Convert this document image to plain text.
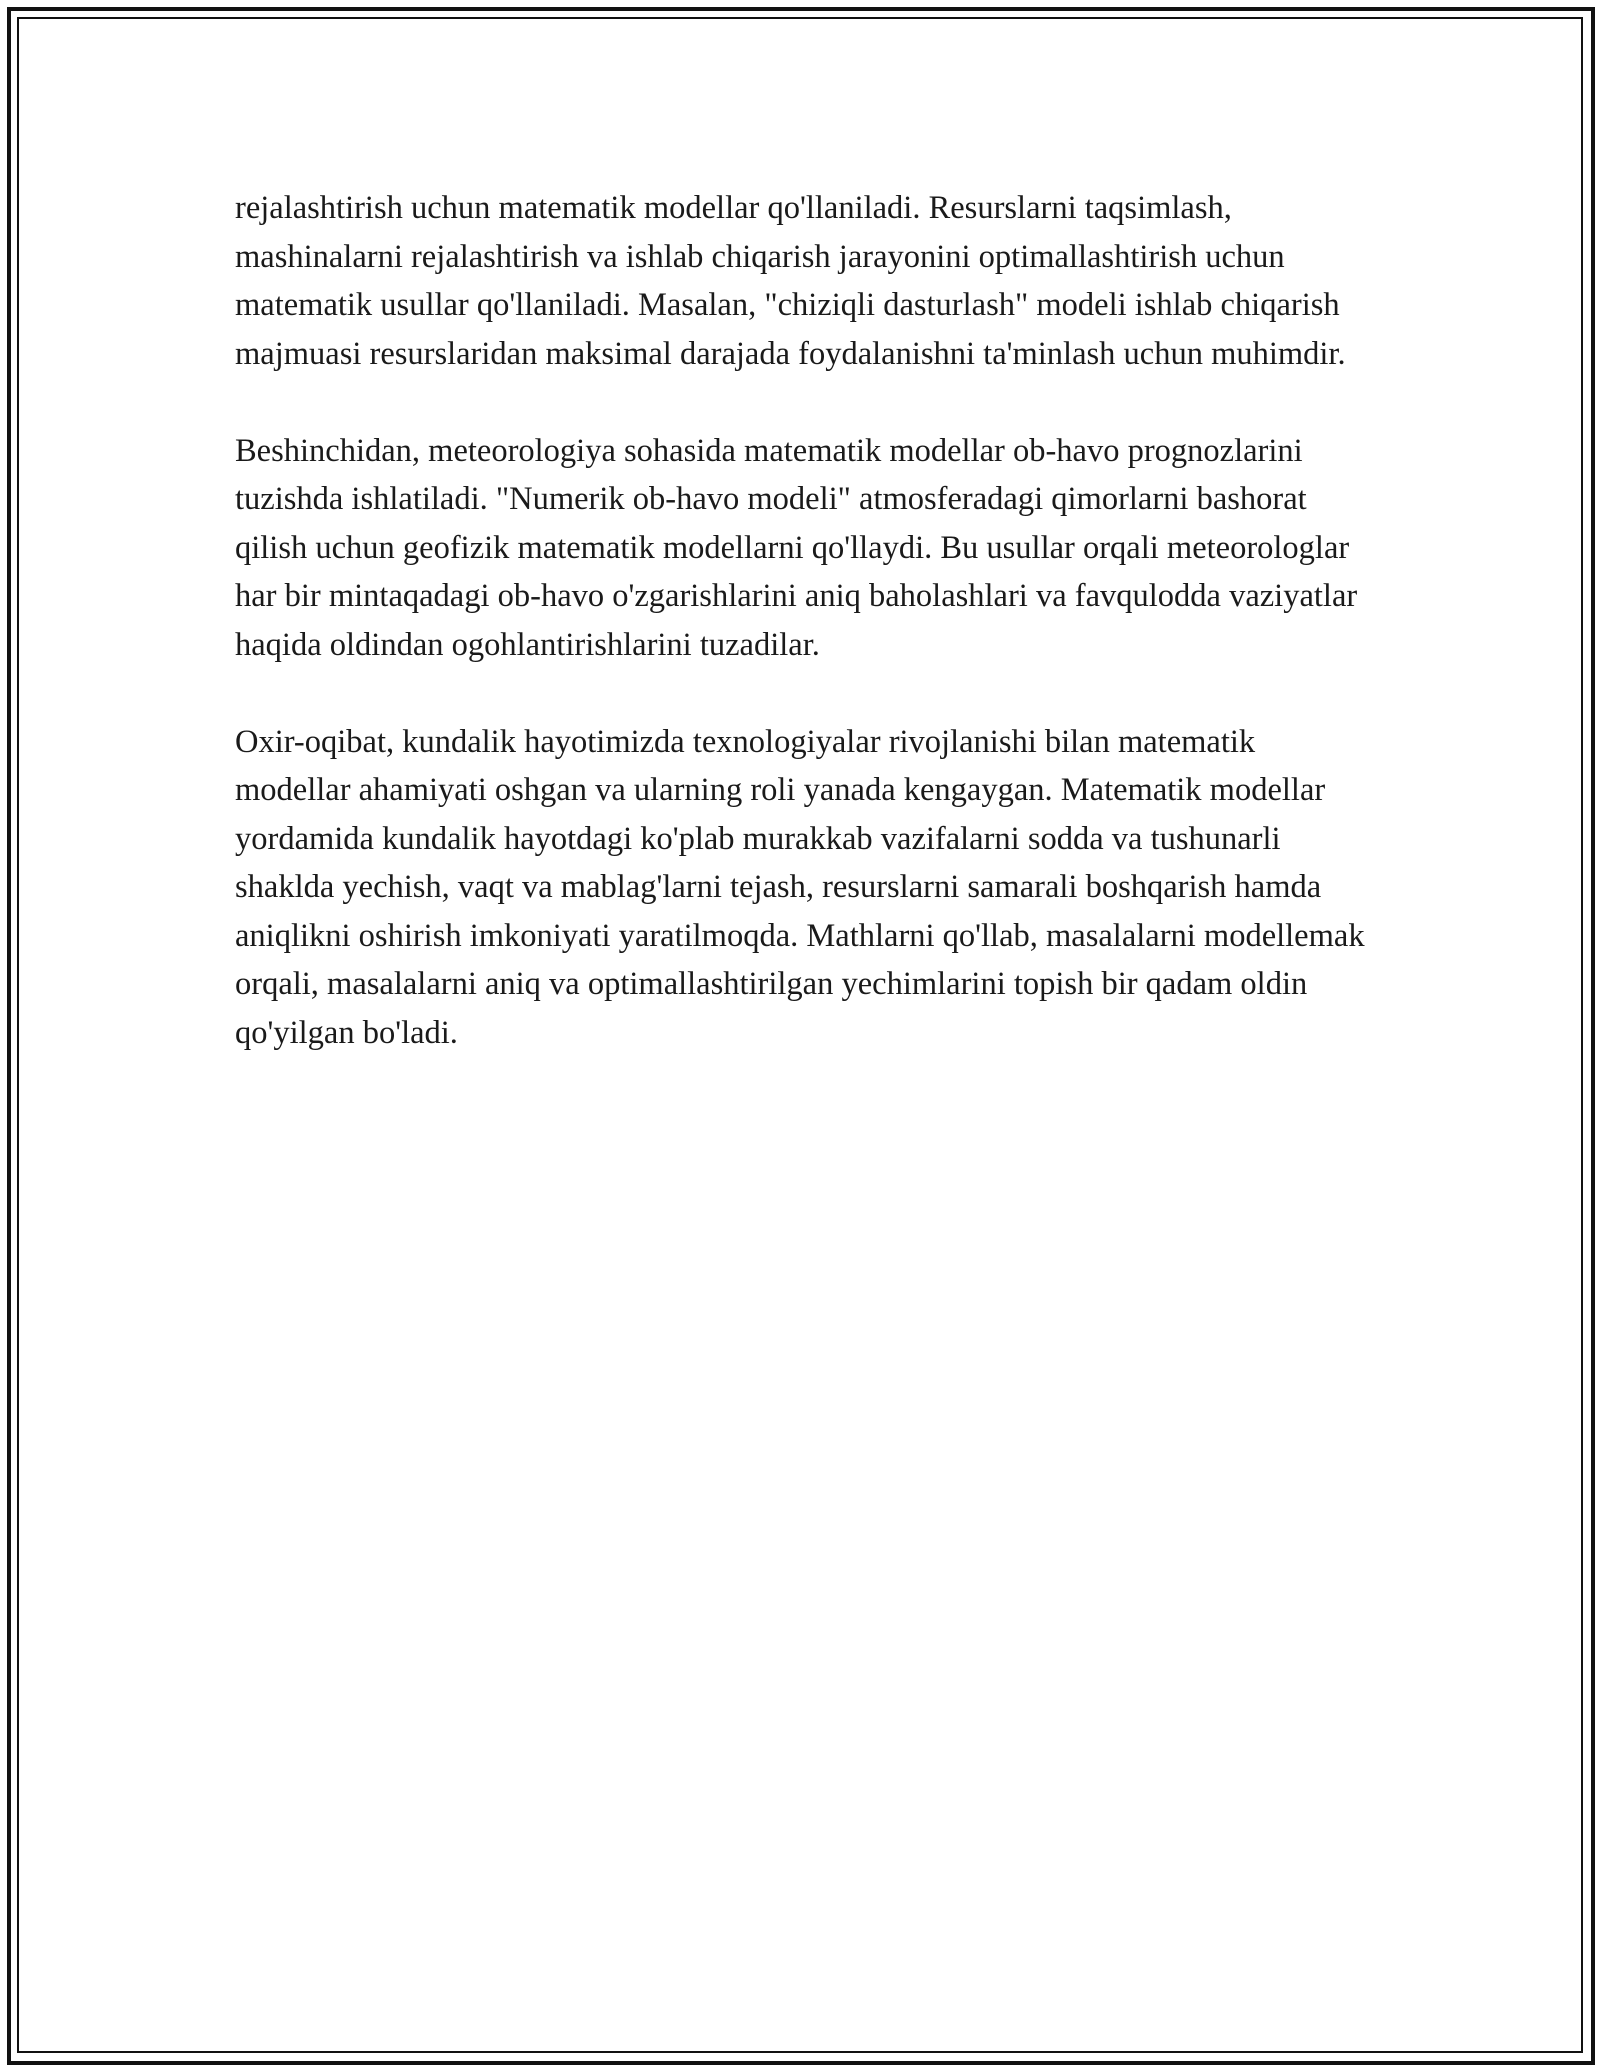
rejalashtirish uchun matematik modellar qo'llaniladi. Resurslarni taqsimlash, mashinalarni rejalashtirish va ishlab chiqarish jarayonini optimallashtirish uchun matematik usullar qo'llaniladi. Masalan, "chiziqli dasturlash" modeli ishlab chiqarish majmuasi resurslaridan maksimal darajada foydalanishni ta'minlash uchun muhimdir.

Beshinchidan, meteorologiya sohasida matematik modellar ob-havo prognozlarini tuzishda ishlatiladi. "Numerik ob-havo modeli" atmosferadagi qimorlarni bashorat qilish uchun geofizik matematik modellarni qo'llaydi. Bu usullar orqali meteorologlar har bir mintaqadagi ob-havo o'zgarishlarini aniq baholashlari va favqulodda vaziyatlar haqida oldindan ogohlantirishlarini tuzadilar.

Oxir-oqibat, kundalik hayotimizda texnologiyalar rivojlanishi bilan matematik modellar ahamiyati oshgan va ularning roli yanada kengaygan. Matematik modellar yordamida kundalik hayotdagi ko'plab murakkab vazifalarni sodda va tushunarli shaklda yechish, vaqt va mablag'larni tejash, resurslarni samarali boshqarish hamda aniqlikni oshirish imkoniyati yaratilmoqda. Mathlarni qo'llab, masalalarni modellemak orqali, masalalarni aniq va optimallashtirilgan yechimlarini topish bir qadam oldin qo'yilgan bo'ladi.
